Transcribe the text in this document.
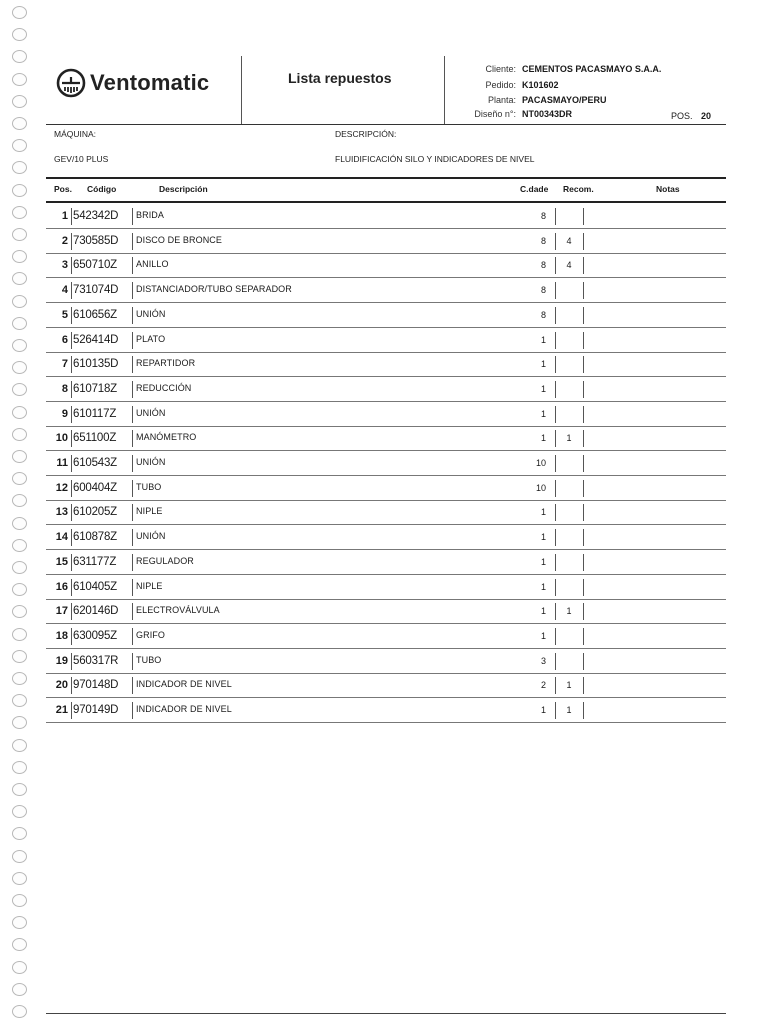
Ventomatic	Lista repuestos
Cliente: CEMENTOS PACASMAYO S.A.A.
Pedido: K101602
Planta: PACASMAYO/PERU
Diseño n°: NT00343DR	POS. 20
MÁQUINA:	DESCRIPCIÓN:
GEV/10 PLUS	FLUIDIFICACIÓN SILO Y INDICADORES DE NIVEL
Pos. Código	Descripción	C.dade Recom.	Notas
1 542342D BRIDA	8
2 730585D DISCO DE BRONCE	8	4
3 650710Z ANILLO	8	4
4 731074D DISTANCIADOR/TUBO SEPARADOR	8
5 610656Z UNIÓN	8
6 526414D PLATO	1
7 610135D REPARTIDOR	1
8 610718Z REDUCCIÓN	1
9 610117Z UNIÓN	1
10 651100Z MANÓMETRO	1	1
11 610543Z UNIÓN	10
12 600404Z TUBO	10
13 610205Z NIPLE	1
14 610878Z UNIÓN	1
15 631177Z REGULADOR	1
16 610405Z NIPLE	1
17 620146D ELECTROVÁLVULA	1	1
18 630095Z GRIFO	1
19 560317R TUBO	3
20 970148D INDICADOR DE NIVEL	2	1
21 970149D INDICADOR DE NIVEL	1	1
